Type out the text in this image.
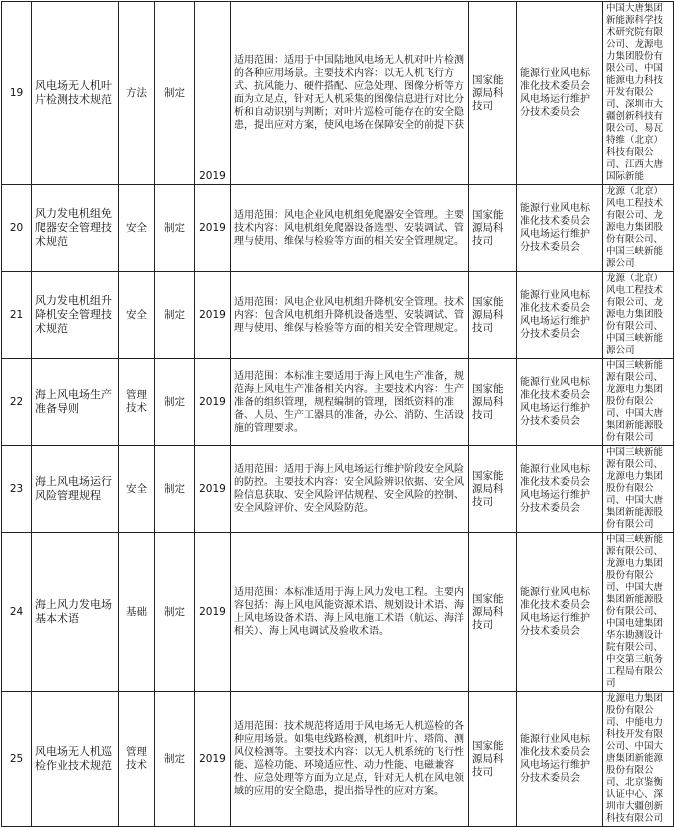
19	风电场无人机叶片检测技术规范	方法	制定	2019	适用范围：适用于中国陆地风电场无人机对叶片检测的各种应用场景。主要技术内容：以无人机飞行方式、抗风能力、硬件搭配、应急处理、图像分析等方面为立足点，针对无人机采集的图像信息进行对比分析和自动识别与判断；对叶片巡检可能存在的安全隐患，提出应对方案，使风电场在保障安全的前提下获	国家能源局科技司	能源行业风电标准化技术委员会风电场运行维护分技术委员会	中国大唐集团新能源科学技术研究院有限公司、龙源电力集团股份有限公司、中国能源电力科技开发有限公司、深圳市大疆创新科技有限公司、易瓦特维（北京）科技有限公司、江西大唐国际新能
20	风力发电机组免爬器安全管理技术规范	安全	制定	2019	适用范围：风电企业风电机组免爬器安全管理。主要技术内容：风电机组免爬器设备选型、安装调试、管理与使用、维保与检验等方面的相关安全管理规定。	国家能源局科技司	能源行业风电标准化技术委员会风电场运行维护分技术委员会	龙源（北京）风电工程技术有限公司、龙源电力集团股份有限公司、中国三峡新能源公司
21	风力发电机组升降机安全管理技术规范	安全	制定	2019	适用范围：风电企业风电机组升降机安全管理。技术内容：包含风电机组升降机设备选型、安装调试、管理与使用、维保与检验等方面的相关安全管理规定。	国家能源局科技司	能源行业风电标准化技术委员会风电场运行维护分技术委员会	龙源（北京）风电工程技术有限公司、龙源电力集团股份有限公司、中国三峡新能源公司
22	海上风电场生产准备导则	管理技术	制定	2019	适用范围：本标准主要适用于海上风电生产准备，规范海上风电生产准备相关内容。主要技术内容：生产准备的组织管理，规程编制的管理，图纸资料的准备、人员、生产工器具的准备，办公、消防、生活设施的管理要求。	国家能源局科技司	能源行业风电标准化技术委员会风电场运行维护分技术委员会	中国三峡新能源有限公司、龙源电力集团股份有限公司、中国大唐集团新能源股份有限公司
23	海上风电场运行风险管理规程	安全	制定	2019	适用范围：适用于海上风电场运行维护阶段安全风险的防控。主要技术内容：安全风险辨识依据、安全风险信息获取、安全风险评估规程、安全风险的控制、安全风险评价、安全风险防范。	国家能源局科技司	能源行业风电标准化技术委员会风电场运行维护分技术委员会	中国三峡新能源有限公司、龙源电力集团股份有限公司、中国大唐集团新能源股份有限公司
24	海上风力发电场基本术语	基础	制定	2019	适用范围：本标准适用于海上风力发电工程。主要内容包括：海上风电风能资源术语、规划设计术语、海上风电场设备术语、海上风电施工术语（航运、海洋相关）、海上风电调试及验收术语。	国家能源局科技司	能源行业风电标准化技术委员会风电场运行维护分技术委员会	中国三峡新能源有限公司、龙源电力集团股份有限公司、中国大唐集团新能源股份有限公司、中国电建集团华东勘测设计院有限公司、中交第三航务工程局有限公司
25	风电场无人机巡检作业技术规范	管理技术	制定	2019	适用范围：技术规范将适用于风电场无人机巡检的各种应用场景。如集电线路检测，机组叶片、塔筒、测风仪检测等。主要技术内容：以无人机系统的飞行性能、巡检功能、环境适应性、动力性能、电磁兼容性、应急处理等方面为立足点，针对无人机在风电领域的应用的安全隐患，提出指导性的应对方案。	国家能源局科技司	能源行业风电标准化技术委员会风电场运行维护分技术委员会	龙源电力集团股份有限公司、中能电力科技开发有限公司、中国大唐集团新能源股份有限公司、北京鉴衡认证中心、深圳市大疆创新科技有限公司
